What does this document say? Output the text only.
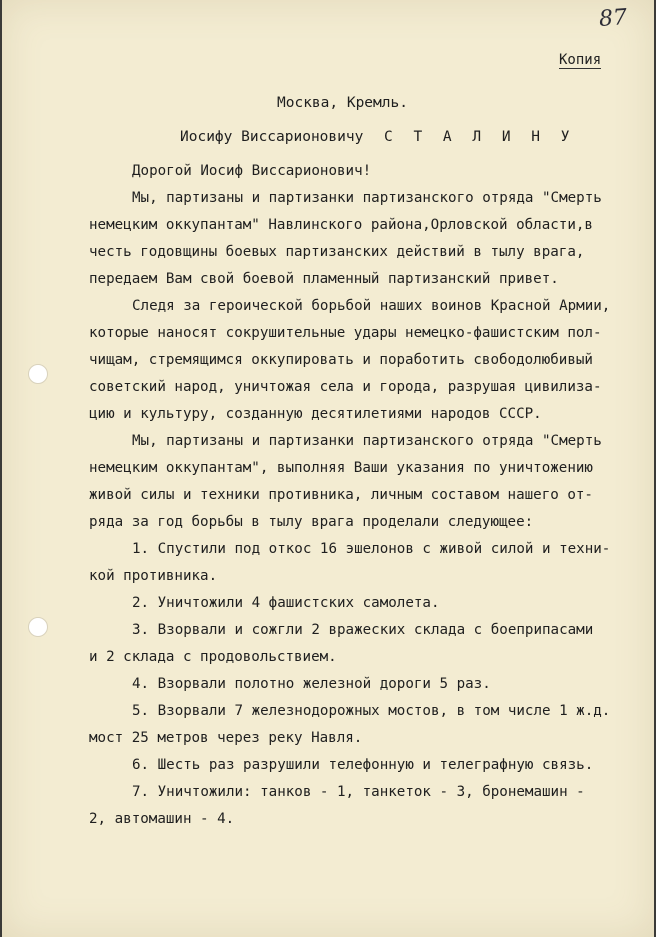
87
Копия
Москва, Кремль.
Иосифу Виссарионовичу С Т А Л И Н У
Дорогой Иосиф Виссарионович!
Мы, партизаны и партизанки партизанского отряда "Смерть
немецким оккупантам" Навлинского района,Орловской области,в
честь годовщины боевых партизанских действий в тылу врага,
передаем Вам свой боевой пламенный партизанский привет.
Следя за героической борьбой наших воинов Красной Армии,
которые наносят сокрушительные удары немецко-фашистским пол-
чищам, стремящимся оккупировать и поработить свободолюбивый
советский народ, уничтожая села и города, разрушая цивилиза-
цию и культуру, созданную десятилетиями народов СССР.
Мы, партизаны и партизанки партизанского отряда "Смерть
немецким оккупантам", выполняя Ваши указания по уничтожению
живой силы и техники противника, личным составом нашего от-
ряда за год борьбы в тылу врага проделали следующее:
1. Спустили под откос 16 эшелонов с живой силой и техни-
кой противника.
2. Уничтожили 4 фашистских самолета.
3. Взорвали и сожгли 2 вражеских склада с боеприпасами
и 2 склада с продовольствием.
4. Взорвали полотно железной дороги 5 раз.
5. Взорвали 7 железнодорожных мостов, в том числе 1 ж.д.
мост 25 метров через реку Навля.
6. Шесть раз разрушили телефонную и телеграфную связь.
7. Уничтожили: танков - 1, танкеток - 3, бронемашин -
2, автомашин - 4.
